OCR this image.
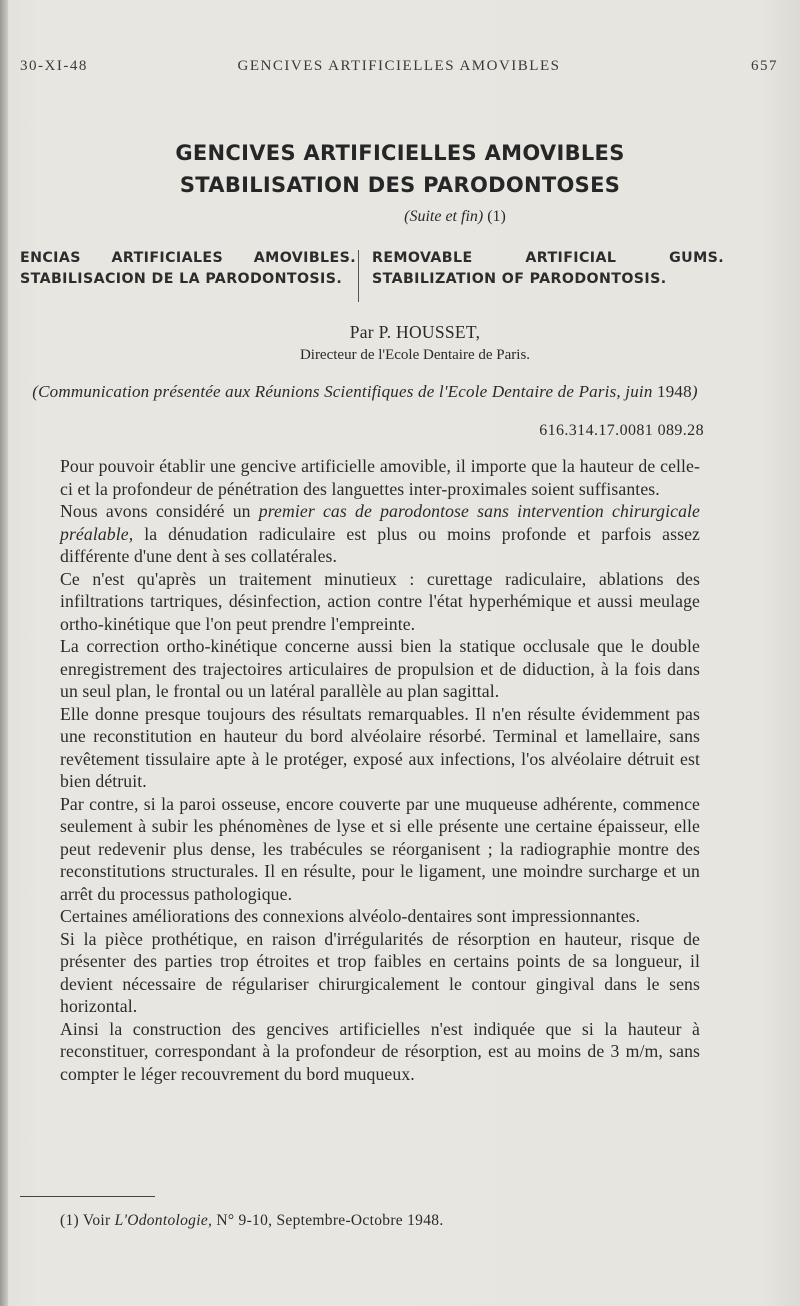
30-XI-48	GENCIVES ARTIFICIELLES AMOVIBLES	657
GENCIVES ARTIFICIELLES AMOVIBLES
STABILISATION DES PARODONTOSES
(Suite et fin) (1)
ENCIAS ARTIFICIALES AMOVIBLES. STABILISACION DE LA PARODONTOSIS.
REMOVABLE ARTIFICIAL GUMS. STABILIZATION OF PARODONTOSIS.
Par P. HOUSSET,
Directeur de l'Ecole Dentaire de Paris.
(Communication présentée aux Réunions Scientifiques de l'Ecole Dentaire de Paris, juin 1948)
616.314.17.0081 089.28

Pour pouvoir établir une gencive artificielle amovible, il importe que la hauteur de celle-ci et la profondeur de pénétration des languettes inter-proximales soient suffisantes.

Nous avons considéré un premier cas de parodontose sans intervention chirurgicale préalable, la dénudation radiculaire est plus ou moins profonde et parfois assez différente d'une dent à ses collatérales.

Ce n'est qu'après un traitement minutieux : curettage radiculaire, ablations des infiltrations tartriques, désinfection, action contre l'état hyperhémique et aussi meulage ortho-kinétique que l'on peut prendre l'empreinte.

La correction ortho-kinétique concerne aussi bien la statique occlusale que le double enregistrement des trajectoires articulaires de propulsion et de diduction, à la fois dans un seul plan, le frontal ou un latéral parallèle au plan sagittal.

Elle donne presque toujours des résultats remarquables. Il n'en résulte évidemment pas une reconstitution en hauteur du bord alvéolaire résorbé. Terminal et lamellaire, sans revêtement tissulaire apte à le protéger, exposé aux infections, l'os alvéolaire détruit est bien détruit.

Par contre, si la paroi osseuse, encore couverte par une muqueuse adhérente, commence seulement à subir les phénomènes de lyse et si elle présente une certaine épaisseur, elle peut redevenir plus dense, les trabécules se réorganisent ; la radiographie montre des reconstitutions structurales. Il en résulte, pour le ligament, une moindre surcharge et un arrêt du processus pathologique.

Certaines améliorations des connexions alvéolo-dentaires sont impressionnantes.

Si la pièce prothétique, en raison d'irrégularités de résorption en hauteur, risque de présenter des parties trop étroites et trop faibles en certains points de sa longueur, il devient nécessaire de régulariser chirurgicalement le contour gingival dans le sens horizontal.

Ainsi la construction des gencives artificielles n'est indiquée que si la hauteur à reconstituer, correspondant à la profondeur de résorption, est au moins de 3 m/m, sans compter le léger recouvrement du bord muqueux.

(1) Voir L'Odontologie, N° 9-10, Septembre-Octobre 1948.
